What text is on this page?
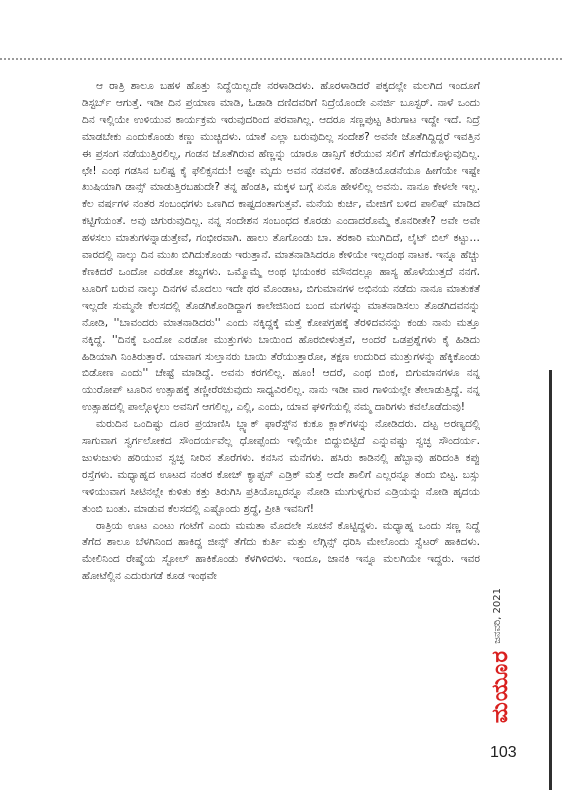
ಆ ರಾತ್ರಿ ಶಾಲೂ ಬಹಳ ಹೊತ್ತು ನಿದ್ದೆಯಿಲ್ಲದೇ ನರಳಾಡಿದಳು. ಹೊರಳಾಡಿದರೆ ಪಕ್ಕದಲ್ಲೇ ಮಲಗಿದ ಇಂದೂಗೆ ಡಿಸ್ಟರ್ಬ್ ಆಗುತ್ತೆ. ಇಡೀ ದಿನ ಪ್ರಯಾಣ ಮಾಡಿ, ಓಡಾಡಿ ದಣಿದವರಿಗೆ ನಿದ್ರೆಯೊಂದೇ ಎನರ್ಜಿ ಬೂಸ್ಟರ್. ನಾಳೆ ಒಂದು ದಿನ ಇಲ್ಲಿಯೇ ಉಳಿಯುವ ಕಾರ್ಯಕ್ರಮ ಇರುವುದರಿಂದ ಪರವಾಗಿಲ್ಲ. ಆದರೂ ಸಣ್ಣಪುಟ್ಟ ತಿರುಗಾಟ ಇದ್ದೇ ಇದೆ. ನಿದ್ರೆ ಮಾಡಬೇಕು ಎಂದುಕೊಂಡು ಕಣ್ಣು ಮುಚ್ಚಿದಳು. ಯಾಕೆ ಎಲ್ಲಾ ಬರುವುದಿಲ್ಲ ಸಂದೇಶ? ಅವನೇ ಜೊತೆಗಿದ್ದಿದ್ದರೆ ಇವತ್ತಿನ ಈ ಪ್ರಸಂಗ ನಡೆಯುತ್ತಿರಲಿಲ್ಲ, ಗಂಡನ ಜೊತೆಗಿರುವ ಹೆಣ್ಣನ್ನು ಯಾರೂ ಡಾನ್ಸಿಗೆ ಕರೆಯುವ ಸಲಿಗೆ ತೆಗೆದುಕೊಳ್ಳುವುದಿಲ್ಲ. ಛೇ! ಎಂಥ ಗಡಸಿನ ಬಲಿಷ್ಟ ಕೈ ಫೆಲಿಕ್ಸನದು! ಅಷ್ಟೇ ಮೃದು ಅವನ ನಡವಳಿಕೆ. ಹೆಂಡತಿಯೊಡನೆಯೂ ಹೀಗೆಯೇ ಇಷ್ಟೇ ಖುಷಿಯಾಗಿ ಡಾನ್ಸ್ ಮಾಡುತ್ತಿರಬಹುದೇ? ತನ್ನ ಹೆಂಡತಿ, ಮಕ್ಕಳ ಬಗ್ಗೆ ಏನೂ ಹೇಳಲಿಲ್ಲ ಅವನು. ನಾನೂ ಕೇಳಲೇ ಇಲ್ಲ. ಕೆಲ ವರ್ಷಗಳ ನಂತರ ಸಂಬಂಧಗಳು ಒಣಗಿದ ಕಾಷ್ಟದಂತಾಗುತ್ತವೆ. ಮನೆಯ ಕುರ್ಚಿ, ಮೇಜಿಗೆ ಬಳಿದ ಪಾಲಿಷ್ ಮಾಡಿದ ಕಟ್ಟಿಗೆಯಂತೆ. ಅವು ಚಿಗುರುವುದಿಲ್ಲ. ನನ್ನ ಸಂದೇಶನ ಸಂಬಂಧದ ಕೊರಡು ಎಂದಾದರೊಮ್ಮೆ ಕೊನರೀತೇ? ಅವೇ ಅವೇ ಹಳಸಲು ಮಾತುಗಳನ್ನಾಡುತ್ತೇವೆ, ಗಂಭೀರವಾಗಿ. ಹಾಲು ತೊಗೊಂಡು ಬಾ. ತರಕಾರಿ ಮುಗಿದಿದೆ, ಲೈಟ್ ಬಿಲ್ ಕಟ್ಟು… ವಾರದಲ್ಲಿ ನಾಲ್ಕು ದಿನ ಮುಖ ಬಿಗಿದುಕೊಂಡು ಇರುತ್ತಾನೆ. ಮಾತನಾಡಿಸಿದರೂ ಕೇಳಿಯೇ ಇಲ್ಲದಂಥ ನಾಟಕ. ಇನ್ನೂ ಹೆಚ್ಚು ಕೆಣಕಿದರೆ ಒಂದೋ ಎರಡೋ ಶಬ್ದಗಳು. ಒಮ್ಮೊಮ್ಮೆ ಅಂಥ ಭಯಂಕರ ಮೌನದಲ್ಲೂ ಹಾಸ್ಯ ಹೊಳೆಯುತ್ತದೆ ನನಗೆ. ಟೂರಿಗೆ ಬರುವ ನಾಲ್ಕು ದಿನಗಳ ಮೊದಲು ಇದೇ ಥರ ಮೊಂಡಾಟ, ಬಿಗುಮಾನಗಳ ಅಭಿನಯ ನಡೆದು ನಾನೂ ಮಾತುಕತೆ ಇಲ್ಲದೇ ಸುಮ್ಮನೇ ಕೆಲಸದಲ್ಲಿ ತೊಡಗಿಕೊಂಡಿದ್ದಾಗ ಕಾಲೇಜಿನಿಂದ ಬಂದ ಮಗಳನ್ನು ಮಾತನಾಡಿಸಲು ತೊಡಗಿದವನನ್ನು ನೋಡಿ, ''ಬಾವಂದರು ಮಾತನಾಡಿದರು'' ಎಂದು ನಕ್ಕಿದ್ದಕ್ಕೆ ಮತ್ತೆ ಕೋಪಗ್ರಹಕ್ಕೆ ತೆರಳಿದವನನ್ನು ಕಂಡು ನಾನು ಮತ್ತೂ ನಕ್ಕಿದ್ದೆ. ''ದಿನಕ್ಕೆ ಒಂದೋ ಎರಡೋ ಮುತ್ತುಗಳು ಬಾಯಿಂದ ಹೊರಬೀಳುತ್ತವೆ, ಅಂದರೆ ಒಡಪ್ರಶ್ನೆಗಳು ಕೈ ಹಿಡಿದು ಹಿಡಿಯಾಗಿ ನಿಂತಿರುತ್ತಾರೆ. ಯಾವಾಗ ಸುಲ್ತಾನರು ಬಾಯಿ ತೆರೆಯುತ್ತಾರೋ, ತಕ್ಷಣ ಉದುರಿದ ಮುತ್ತುಗಳನ್ನು ಹೆಕ್ಕಿಕೊಂಡು ಬಿಡೋಣ ಎಂದು'' ಚೇಷ್ಟೆ ಮಾಡಿದ್ದೆ. ಅವನು ಕರಗಲಿಲ್ಲ. ಹೂಂ! ಆದರೆ, ಎಂಥ ಬಿಂಕ, ಬಿಗುಮಾನಗಳೂ ನನ್ನ ಯುರೋಪ್ ಟೂರಿನ ಉತ್ಸಾಹಕ್ಕೆ ತಣ್ಣೀರೆರಚುವುದು ಸಾಧ್ಯವಿರಲಿಲ್ಲ. ನಾನು ಇಡೀ ವಾರ ಗಾಳಿಯಲ್ಲೇ ತೇಲಾಡುತ್ತಿದ್ದೆ. ನನ್ನ ಉತ್ಸಾಹದಲ್ಲಿ ಪಾಲ್ಗೊಳ್ಳಲು ಅವನಿಗೆ ಆಗಲಿಲ್ಲ, ಎಲ್ಲಿ, ಎಂದು, ಯಾವ ಘಳಿಗೆಯಲ್ಲಿ ನಮ್ಮ ದಾರಿಗಳು ಕವಲೊಡೆದುವು!

ಮರುದಿನ ಒಂದಿಷ್ಟು ದೂರ ಪ್ರಯಾಣಿಸಿ ಬ್ಲ್ಯಾಕ್ ಫಾರೆಸ್ಟ್‌ನ ಕುಕೂ ಕ್ಲಾಕ್‌ಗಳನ್ನು ನೋಡಿದರು. ದಟ್ಟ ಅರಣ್ಯದಲ್ಲಿ ಸಾಗುವಾಗ ಸ್ವರ್ಗಲೋಕದ ಸೌಂದರ್ಯವೆಲ್ಲ ಧೋಪ್ಪೆಂದು ಇಲ್ಲಿಯೇ ಬಿದ್ದುಬಿಟ್ಟಿದೆ ಎನ್ನುವಷ್ಟು ಸ್ವಚ್ಛ ಸೌಂದರ್ಯ. ಜುಳುಜುಳು ಹರಿಯುವ ಸ್ವಚ್ಛ ನೀರಿನ ತೊರೆಗಳು. ಕನಸಿನ ಮನೆಗಳು. ಹಸಿರು ಕಾಡಿನಲ್ಲಿ ಹೆಬ್ಬಾವು ಹರಿದಂತಿ ಕಪ್ಪು ರಸ್ತೆಗಳು. ಮಧ್ಯಾಹ್ನದ ಊಟದ ನಂತರ ಕೋಚ್ ಕ್ಯಾಪ್ಟನ್ ಎಡ್ರಿಕ್ ಮತ್ತೆ ಅದೇ ಶಾಲಿಗೆ ಎಲ್ಲರನ್ನೂ ತಂದು ಬಿಟ್ಟ. ಬಸ್ಸು ಇಳಿಯುವಾಗ ಸೀಟಿನಲ್ಲೇ ಕುಳಿತು ಕತ್ತು ತಿರುಗಿಸಿ ಪ್ರತಿಯೊಬ್ಬರನ್ನೂ ನೋಡಿ ಮುಗುಳ್ನಗುವ ಎಡ್ರಿಯನ್ನು ನೋಡಿ ಹೃದಯ ತುಂಬಿ ಬಂತು. ಮಾಡುವ ಕೆಲಸದಲ್ಲಿ ಎಷ್ಟೊಂದು ಶ್ರದ್ಧೆ, ಪ್ರೀತಿ ಇವನಿಗೆ!

ರಾತ್ರಿಯ ಊಟ ಎಂಟು ಗಂಟೆಗೆ ಎಂದು ಮಮತಾ ಮೊದಲೇ ಸೂಚನೆ ಕೊಟ್ಟಿದ್ದಳು. ಮಧ್ಯಾಹ್ನ ಒಂದು ಸಣ್ಣ ನಿದ್ದೆ ತೆಗೆದ ಶಾಲೂ ಬೆಳಗಿನಿಂದ ಹಾಕಿದ್ದ ಜೀನ್ಸ್ ತೆಗೆದು ಕುರ್ತಿ ಮತ್ತು ಲೆಗ್ಗಿನ್ಸ್ ಧರಿಸಿ ಮೇಲೊಂದು ಸ್ವೆಟರ್ ಹಾಕಿದಳು. ಮೇಲಿನಿಂದ ರೇಷ್ಮೆಯ ಸ್ಟೋಲ್ ಹಾಕಿಕೊಂಡು ಕೆಳಗಿಳಿದಳು. ಇಂದೂ, ಜಾನಕಿ ಇನ್ನೂ ಮಲಗಿಯೇ ಇದ್ದರು. ಇವರ ಹೋಟೆಲ್ಲಿನ ಎದುರುಗಡೆ ಕೂಡ ಇಂಥವೇ

ಜನವರಿ, 2021
ಮಯೂರ
103
